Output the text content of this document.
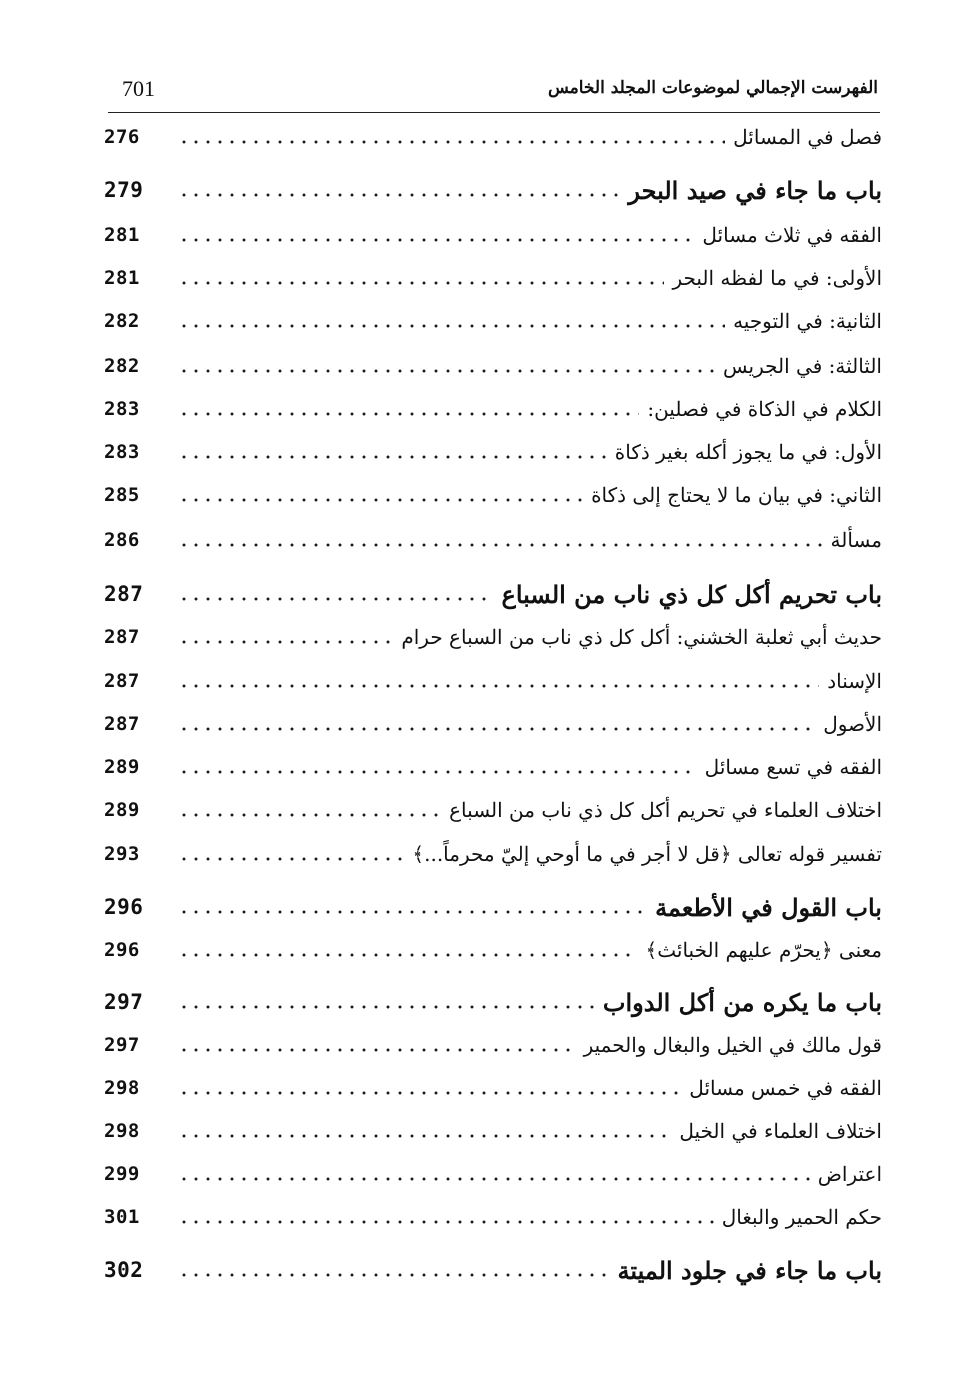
701	الفهرست الإجمالي لموضوعات المجلد الخامس
276	فصل في المسائل
279	باب ما جاء في صيد البحر
281	الفقه في ثلاث مسائل
281	الأولى: في ما لفظه البحر
282	الثانية: في التوجيه
282	الثالثة: في الجريس
283	الكلام في الذكاة في فصلين:
283	الأول: في ما يجوز أكله بغير ذكاة
285	الثاني: في بيان ما لا يحتاج إلى ذكاة
286	مسألة
287	باب تحريم أكل كل ذي ناب من السباع
287	حديث أبي ثعلبة الخشني: أكل كل ذي ناب من السباع حرام
287	الإسناد
287	الأصول
289	الفقه في تسع مسائل
289	اختلاف العلماء في تحريم أكل كل ذي ناب من السباع
293	تفسير قوله تعالى ﴿قل لا أجر في ما أوحي إليّ محرماً...﴾
296	باب القول في الأطعمة
296	معنى ﴿يحرّم عليهم الخبائث﴾
297	باب ما يكره من أكل الدواب
297	قول مالك في الخيل والبغال والحمير
298	الفقه في خمس مسائل
298	اختلاف العلماء في الخيل
299	اعتراض
301	حكم الحمير والبغال
302	باب ما جاء في جلود الميتة
